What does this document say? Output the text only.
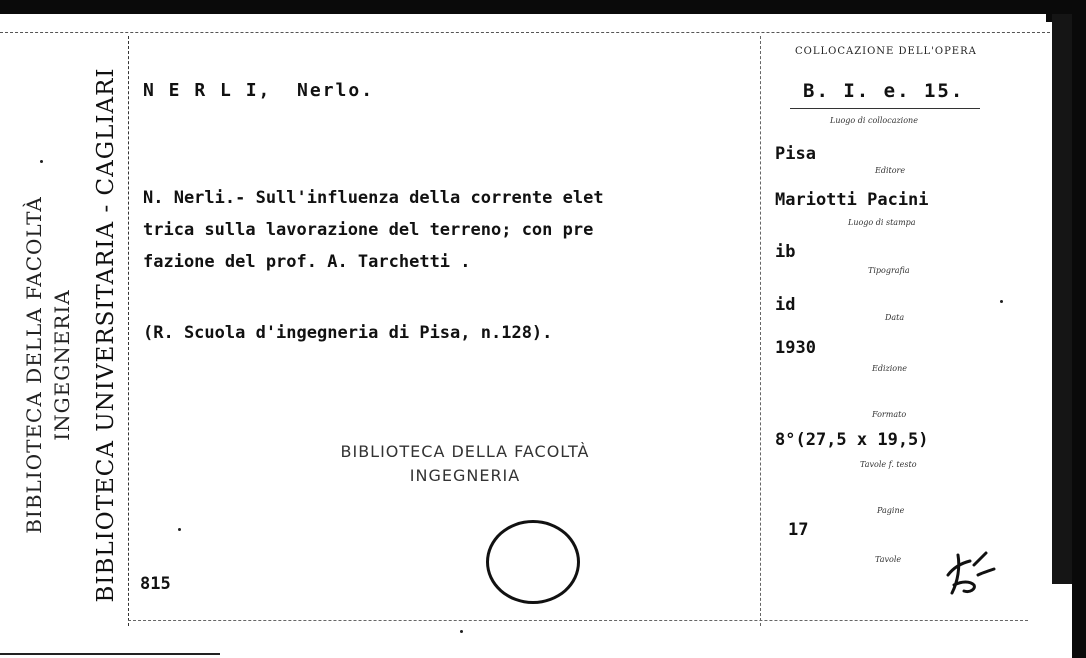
BIBLIOTECA UNIVERSITARIA - CAGLIARI
BIBLIOTECA DELLA FACOLTÀ INGEGNERIA
N E R L I,  Nerlo.
N. Nerli.- Sull'influenza della corrente elet
trica sulla lavorazione del terreno; con pre
fazione del prof. A. Tarchetti .
(R. Scuola d'ingegneria di Pisa, n.128).
815
BIBLIOTECA DELLA FACOLTÀ
INGEGNERIA
COLLOCAZIONE DELL'OPERA
B. I. e. 15.
Luogo di collocazione
Pisa
Editore
Mariotti Pacini
Luogo di stampa
ib
Tipografia
id
Data
1930
Edizione
Formato
8°(27,5 x 19,5)
Tavole f. testo
Pagine
17
Tavole
